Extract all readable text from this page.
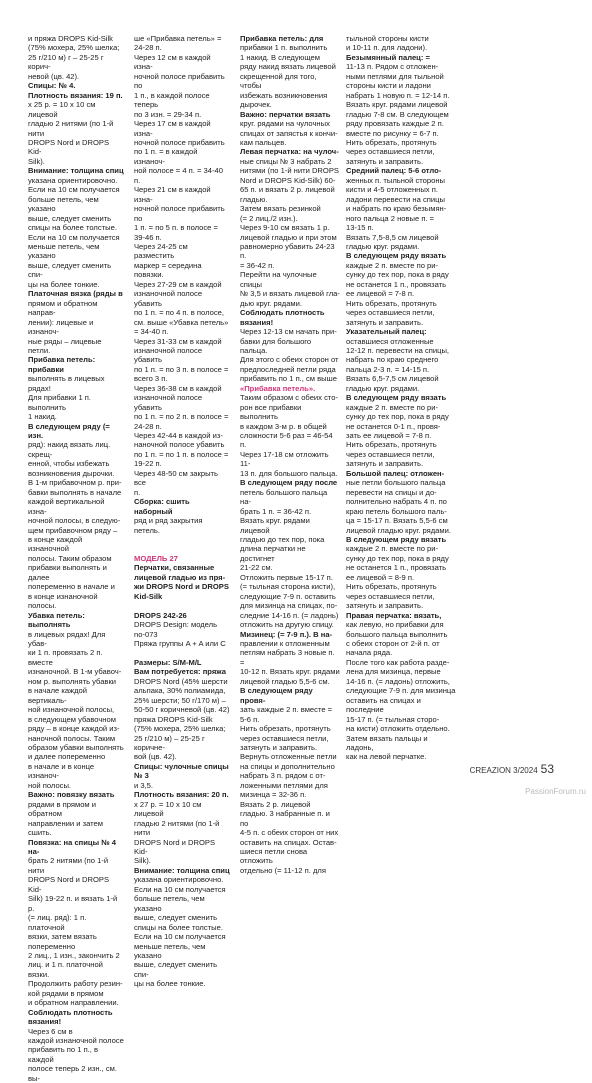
и пряжа DROPS Kid-Silk

(75% мохера, 25% шелка;

25 г/210 м) г – 25-25 г корич-

невой (цв. 42).

Спицы: № 4.

Плотность вязания: 19 п.

х 25 р. = 10 х 10 см лицевой

гладью 2 нитями (по 1-й нити

DROPS Nord и DROPS Kid-

Silk).

Внимание: толщина спиц

указана ориентировочно.

Если на 10 см получается

больше петель, чем указано

выше, следует сменить

спицы на более толстые.

Если на 10 см получается

меньше петель, чем указано

выше, следует сменить спи-

цы на более тонкие.

Платочная вязка (ряды в

прямом и обратном направ-

лении): лицевые и изнаноч-

ные ряды – лицевые петли.

Прибавка петель: прибавки

выполнять в лицевых рядах!

Для прибавки 1 п. выполнить

1 накид.

В следующем ряду (= изн.

ряд): накид вязать лиц. скрещ-

енной, чтобы избежать

возникновения дырочки.

В 1-м прибавочном р. при-

бавки выполнять в начале

каждой вертикальной изна-

ночной полосы, в следую-

щем прибавочном ряду –

в конце каждой изнаночной

полосы. Таким образом

прибавки выполнять и далее

попеременно в начале и

в конце изнаночной

полосы.

Убавка петель: выполнять

в лицевых рядах! Для убав-

ки 1 п. провязать 2 п. вместе

изнаночной. В 1-м убавоч-

ном р. выполнять убавки

в начале каждой вертикаль-

ной изнаночной полосы,

в следующем убавочном

ряду – в конце каждой из-

наночной полосы. Таким

образом убавки выполнять

и далее попеременно

в начале и в конце изнаноч-

ной полосы.

Важно: повязку вязать

рядами в прямом и обратном

направлении и затем сшить.

Повязка: на спицы № 4 на-

брать 2 нитями (по 1-й нити

DROPS Nord и DROPS Kid-

Silk) 19-22 п. и вязать 1-й р.

(= лиц. ряд): 1 п. платочной

вязки, затем вязать попеременно

2 лиц., 1 изн., закончить 2

лиц. и 1 п. платочной вязки.

Продолжить работу резин-

кой рядами в прямом

и обратном направлении.

Соблюдать плотность

вязания!

Через 6 см в

каждой изнаночной полосе

прибавить по 1 п., в каждой

полосе теперь 2 изн., см. вы-

ше «Прибавка петель» =

24-28 п.

Через 12 см в каждой изна-

ночной полосе прибавить по

1 п., в каждой полосе теперь

по 3 изн. = 29-34 п.

Через 17 см в каждой изна-

ночной полосе прибавить

по 1 п. = в каждой изнаноч-

ной полосе = 4 п. = 34-40 п.

Через 21 см в каждой изна-

ночной полосе прибавить по

1 п. = по 5 п. в полосе =

39-46 п.

Через 24-25 см разместить

маркер = середина повязки.

Через 27-29 см в каждой

изнаночной полосе убавить

по 1 п. = по 4 п. в полосе,

см. выше «Убавка петель»

= 34-40 п.

Через 31-33 см в каждой

изнаночной полосе убавить

по 1 п. = по 3 п. в полосе =

всего 3 п.

Через 36-38 см в каждой

изнаночной полосе убавить

по 1 п. = по 2 п. в полосе =

24-28 п.

Через 42-44 в каждой из-

наночной полосе убавить

по 1 п. = по 1 п. в полосе =

19-22 п.

Через 48-50 см закрыть все

п.

Сборка: сшить наборный

ряд и ряд закрытия петель.

МОДЕЛЬ 27

Перчатки, связанные

лицевой гладью из пря-

жи DROPS Nord и DROPS

Kid-Silk

DROPS 242-26

DROPS Design: модель no-073

Пряжа группы A + A или C

Размеры: S/M-M/L

Вам потребуется: пряжа

DROPS Nord (45% шерсти

альпака, 30% полиамида,

25% шерсти; 50 г/170 м) –

50-50 г коричневой (цв. 42)

пряжа DROPS Kid-Silk

(75% мохера, 25% шелка;

25 г/210 м) – 25-25 г коричне-

вой (цв. 42).

Спицы: чулочные спицы № 3

и 3,5.

Плотность вязания: 20 п.

х 27 р. = 10 х 10 см лицевой

гладью 2 нитями (по 1-й нити

DROPS Nord и DROPS Kid-

Silk).

Внимание: толщина спиц

указана ориентировочно.

Если на 10 см получается

больше петель, чем указано

выше, следует сменить

спицы на более толстые.

Если на 10 см получается

меньше петель, чем указано

выше, следует сменить спи-

цы на более тонкие.

Прибавка петель: для

прибавки 1 п. выполнить

1 накид. В следующем

ряду накид вязать лицевой

скрещенной для того, чтобы

избежать возникновения

дырочек.

Важно: перчатки вязать

круг. рядами на чулочных

спицах от запястья к кончи-

кам пальцев.

Левая перчатка: на чулоч-

ные спицы № 3 набрать 2

нитями (по 1-й нити DROPS

Nord и DROPS Kid-Silk) 60-

65 п. и вязать 2 р. лицевой

гладью.

Затем вязать резинкой

(= 2 лиц./2 изн.).

Через 9-10 см вязать 1 р.

лицевой гладью и при этом

равномерно убавить 24-23 п.

= 36-42 п.

Перейти на чулочные спицы

№ 3,5 и вязать лицевой гла-

дью круг. рядами.

Соблюдать плотность

вязания!

Через 12-13 см начать при-

бавки для большого пальца.

Для этого с обеих сторон от

предпоследней петли ряда

прибавить по 1 п., см выше

«Прибавка петель».

Таким образом с обеих сто-

рон все прибавки выполнить

в каждом 3-м р. в общей

сложности 5-6 раз = 46-54 п.

Через 17-18 см отложить 11-

13 п. для большого пальца.

В следующем ряду после

петель большого пальца на-

брать 1 п. = 36-42 п.

Вязать круг. рядами лицевой

гладью до тех пор, пока

длина перчатки не достигнет

21-22 см.

Отложить первые 15-17 п.

(= тыльная сторона кисти),

следующие 7-9 п. оставить

для мизинца на спицах, по-

следние 14-16 п. (= ладонь)

отложить на другую спицу.

Мизинец: (= 7-9 п.). В на-

правлении к отложенным

петлям набрать 3 новые п. =

10-12 п. Вязать круг. рядами

лицевой гладью 5,5-6 см.

В следующем ряду провя-

зать каждые 2 п. вместе =

5-6 п.

Нить обрезать, протянуть

через оставшиеся петли,

затянуть и заправить.

Вернуть отложенные петли

на спицы и дополнительно

набрать 3 п. рядом с от-

ложенными петлями для

мизинца = 32-36 п.

Вязать 2 р. лицевой

гладью. 3 набранные п. и по

4-5 п. с обеих сторон от них

оставить на спицах. Остав-

шиеся петли снова отложить

отдельно (= 11-12 п. для

тыльной стороны кисти

и 10-11 п. для ладони).

Безымянный палец: =

11-13 п. Рядом с отложен-

ными петлями для тыльной

стороны кисти и ладони

набрать 1 новую п. = 12-14 п.

Вязать круг. рядами лицевой

гладью 7-8 см. В следующем

ряду провязать каждые 2 п.

вместе по рисунку = 6-7 п.

Нить обрезать, протянуть

через оставшиеся петли,

затянуть и заправить.

Средний палец: 5-6 отло-

женных п. тыльной стороны

кисти и 4-5 отложенных п.

ладони перевести на спицы

и набрать по краю безымян-

ного пальца 2 новые п. =

13-15 п.

Вязать 7,5-8,5 см лицевой

гладью круг. рядами.

В следующем ряду вязать

каждые 2 п. вместе по ри-

сунку до тех пор, пока в ряду

не останется 1 п., провязать

ее лицевой = 7-8 п.

Нить обрезать, протянуть

через оставшиеся петли,

затянуть и заправить.

Указательный палец:

оставшиеся отложенные

12-12 п. перевести на спицы,

набрать по краю среднего

пальца 2-3 п. = 14-15 п.

Вязать 6,5-7,5 см лицевой

гладью круг. рядами.

В следующем ряду вязать

каждые 2 п. вместе по ри-

сунку до тех пор, пока в ряду

не останется 0-1 п., провя-

зать ее лицевой = 7-8 п.

Нить обрезать, протянуть

через оставшиеся петли,

затянуть и заправить.

Большой палец: отложен-

ные петли большого пальца

перевести на спицы и до-

полнительно набрать 4 п. по

краю петель большого паль-

ца = 15-17 п. Вязать 5,5-6 см

лицевой гладью круг. рядами.

В следующем ряду вязать

каждые 2 п. вместе по ри-

сунку до тех пор, пока в ряду

не останется 1 п., провязать

ее лицевой = 8-9 п.

Нить обрезать, протянуть

через оставшиеся петли,

затянуть и заправить.

Правая перчатка: вязать,

как левую, но прибавки для

большого пальца выполнить

с обеих сторон от 2-й п. от

начала ряда.

После того как работа разде-

лена для мизинца, первые

14-16 п. (= ладонь) отложить,

следующие 7-9 п. для мизинца

оставить на спицах и последние

15-17 п. (= тыльная сторо-

на кисти) отложить отдельно.

Затем вязать пальцы и ладонь,

как на левой перчатке.

CREAZION 3/2024 53
PassionForum.ru
